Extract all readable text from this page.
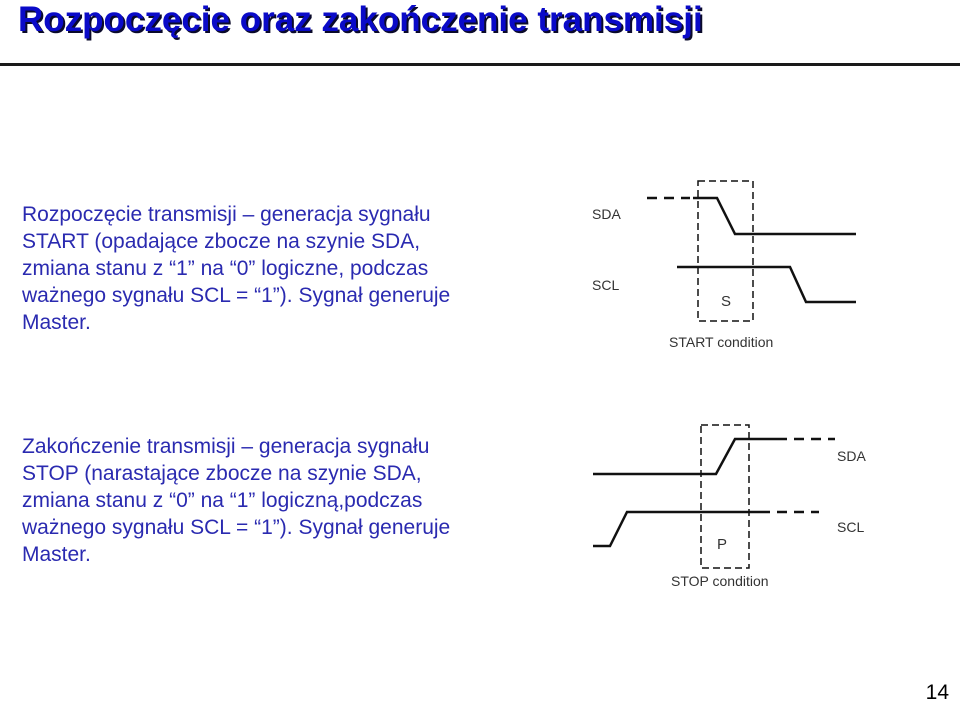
Rozpoczęcie oraz zakończenie transmisji

Rozpoczęcie transmisji – generacja sygnału
START (opadające zbocze na szynie SDA,
zmiana stanu z “1” na “0” logiczne, podczas
ważnego sygnału SCL = “1”). Sygnał generuje
Master.

SDA
SCL
S
START condition

Zakończenie transmisji – generacja sygnału
STOP (narastające zbocze na szynie SDA,
zmiana stanu z “0” na “1” logiczną,podczas
ważnego sygnału SCL = “1”). Sygnał generuje
Master.

SDA
SCL
P
STOP condition
14
